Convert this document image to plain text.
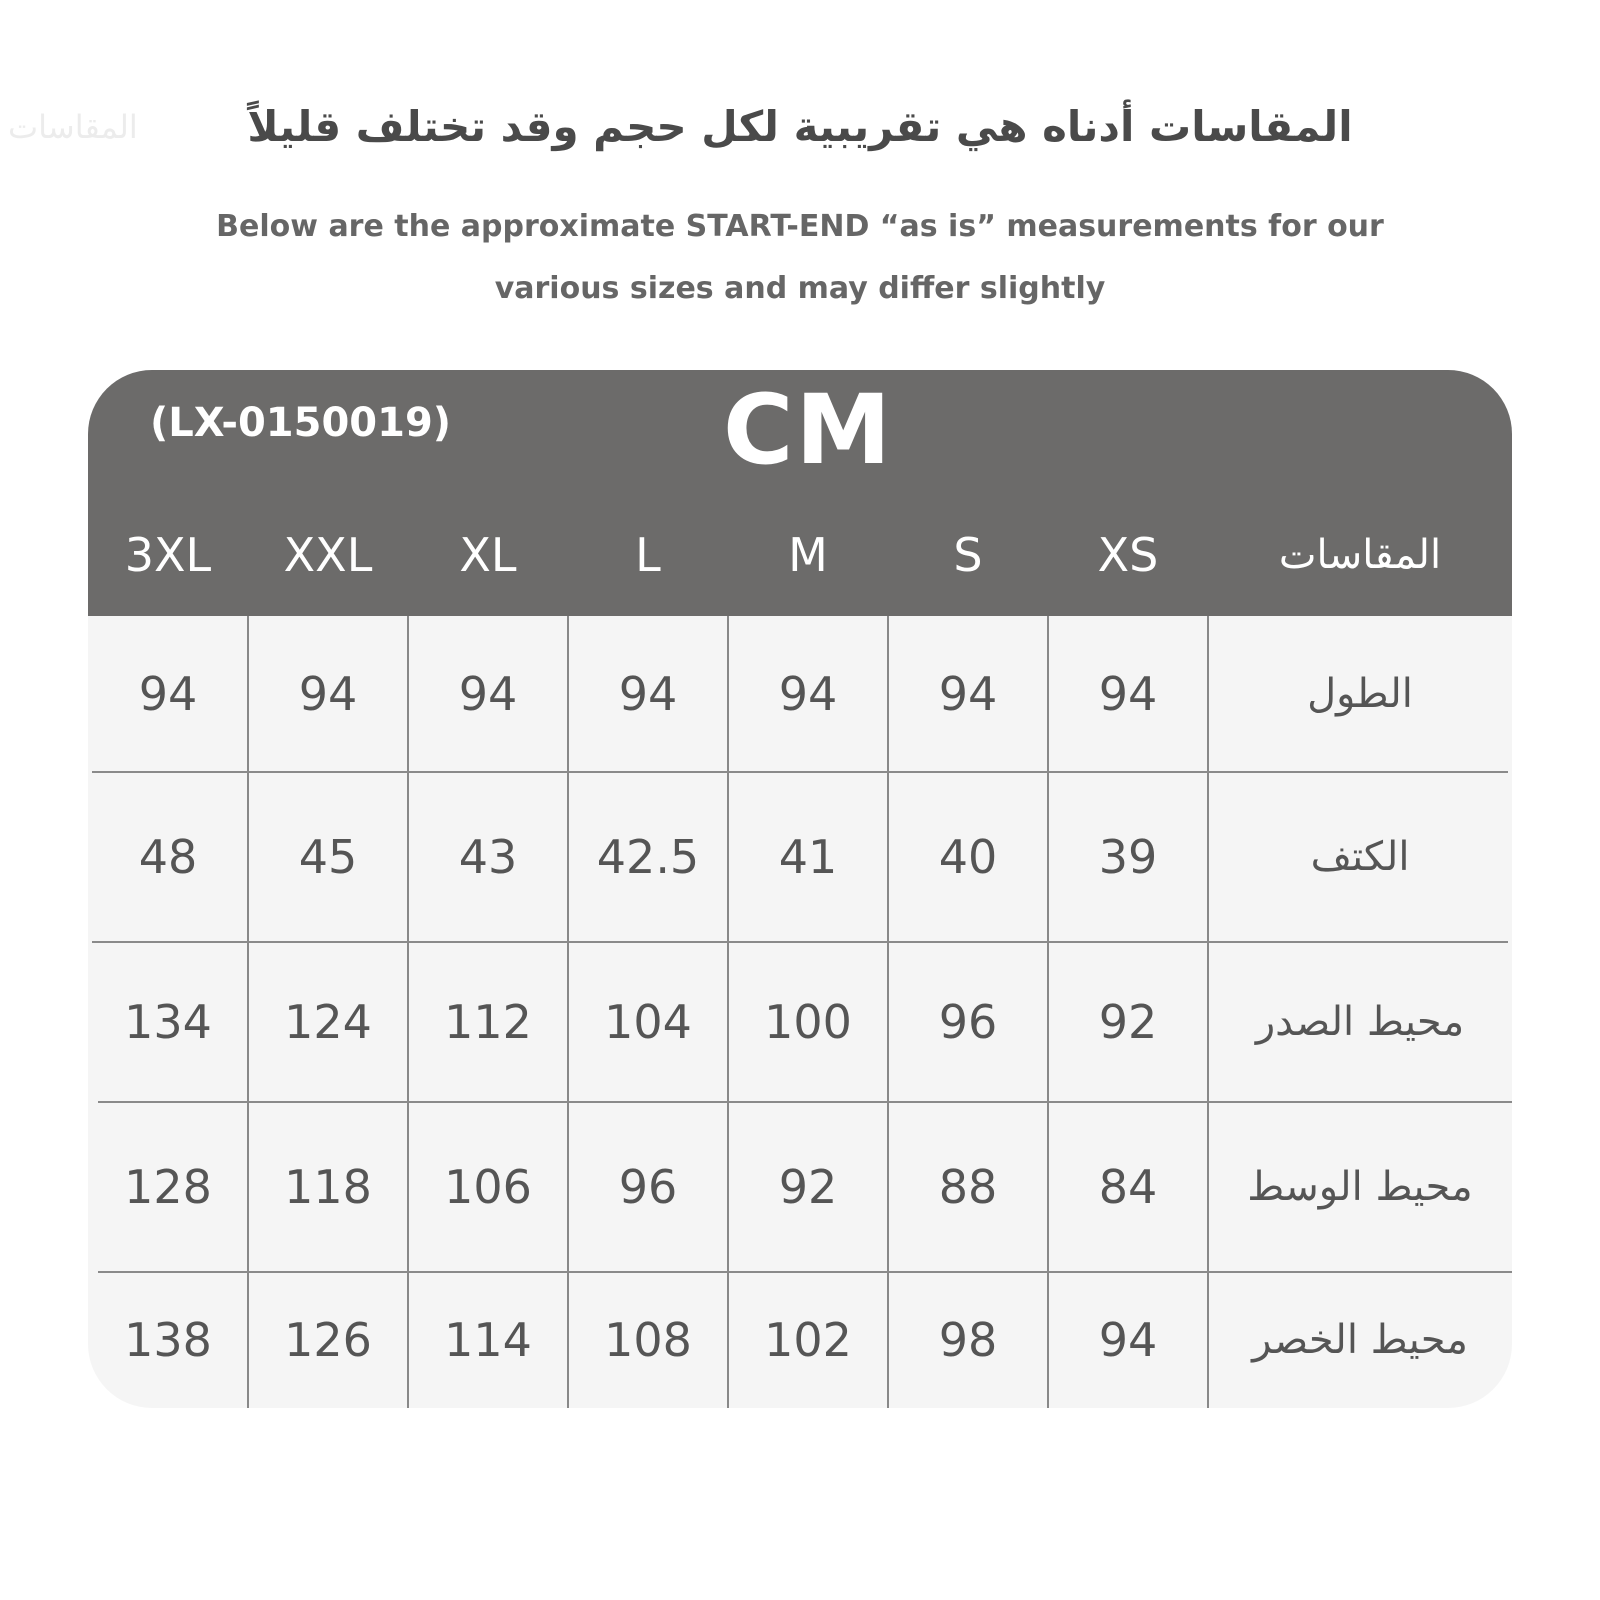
المقاسات	المقاسات أدناه هي تقريبية لكل حجم وقد تختلف قليلاً
Below are the approximate START-END “as is” measurements for our
various sizes and may differ slightly
(LX-0150019)	CM
3XL	XXL	XL	L	M	S	XS	المقاسات
94	94	94	94	94	94	94	الطول
48	45	43	42.5	41	40	39	الكتف
134	124	112	104	100	96	92	محيط الصدر
128	118	106	96	92	88	84	محيط الوسط
138	126	114	108	102	98	94	محيط الخصر
